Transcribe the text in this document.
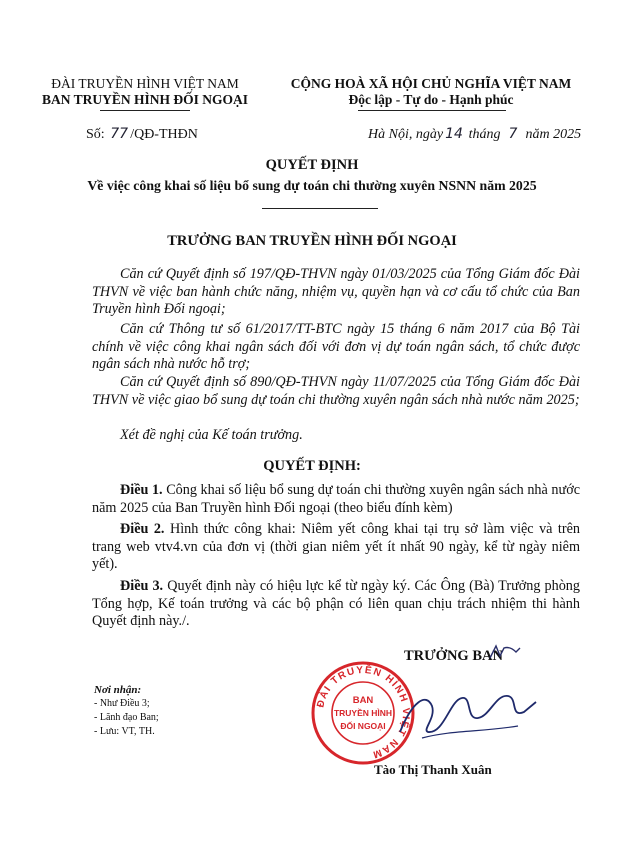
ĐÀI TRUYỀN HÌNH VIỆT NAM
BAN TRUYỀN HÌNH ĐỐI NGOẠI
Số: 77 /QĐ-THĐN
CỘNG HOÀ XÃ HỘI CHỦ NGHĨA VIỆT NAM
Độc lập - Tự do - Hạnh phúc
Hà Nội, ngày 14 tháng 7 năm 2025
QUYẾT ĐỊNH
Về việc công khai số liệu bổ sung dự toán chi thường xuyên NSNN năm 2025
TRƯỞNG BAN TRUYỀN HÌNH ĐỐI NGOẠI
Căn cứ Quyết định số 197/QĐ-THVN ngày 01/03/2025 của Tổng Giám đốc Đài THVN về việc ban hành chức năng, nhiệm vụ, quyền hạn và cơ cấu tổ chức của Ban Truyền hình Đối ngoại;
Căn cứ Thông tư số 61/2017/TT-BTC ngày 15 tháng 6 năm 2017 của Bộ Tài chính về việc công khai ngân sách đối với đơn vị dự toán ngân sách, tổ chức được ngân sách nhà nước hỗ trợ;
Căn cứ Quyết định số 890/QĐ-THVN ngày 11/07/2025 của Tổng Giám đốc Đài THVN về việc giao bổ sung dự toán chi thường xuyên ngân sách nhà nước năm 2025;
Xét đề nghị của Kế toán trưởng.
QUYẾT ĐỊNH:
Điều 1. Công khai số liệu bổ sung dự toán chi thường xuyên ngân sách nhà nước năm 2025 của Ban Truyền hình Đối ngoại (theo biểu đính kèm)
Điều 2. Hình thức công khai: Niêm yết công khai tại trụ sở làm việc và trên trang web vtv4.vn của đơn vị (thời gian niêm yết ít nhất 90 ngày, kể từ ngày niêm yết).
Điều 3. Quyết định này có hiệu lực kể từ ngày ký. Các Ông (Bà) Trưởng phòng Tổng hợp, Kế toán trưởng và các bộ phận có liên quan chịu trách nhiệm thi hành Quyết định này./.
Nơi nhận:
- Như Điều 3;
- Lãnh đạo Ban;
- Lưu: VT, TH.
TRƯỞNG BAN
ĐÀI TRUYỀN HÌNH VIỆT NAM
BAN
TRUYỀN HÌNH
ĐỐI NGOẠI
Tào Thị Thanh Xuân
